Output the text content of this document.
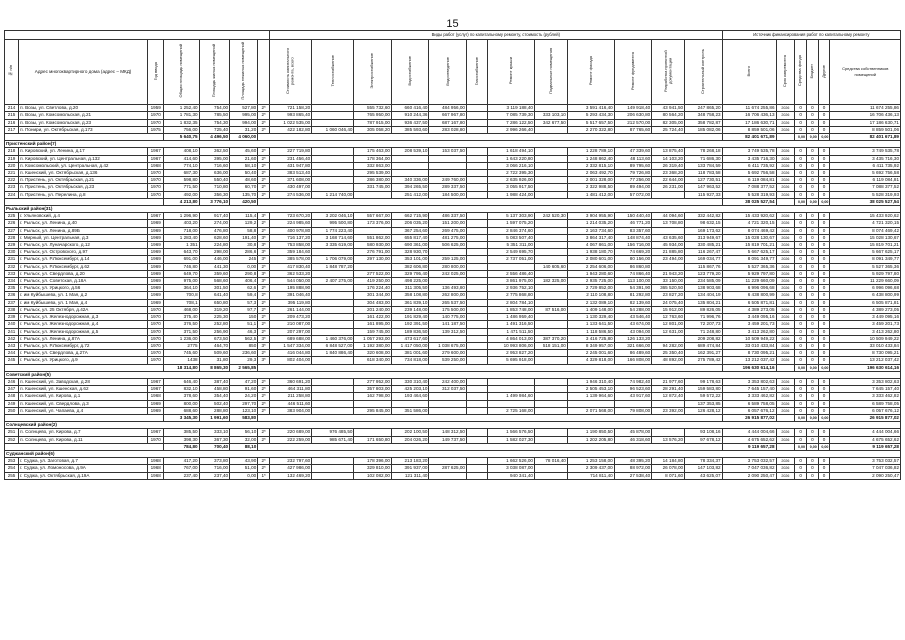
15
							Виды работ (услуг) по капитальному ремонту, стоимость (рублей)												Источник финансирования работ по капитальному ремонту					
№ п/п	Адрес многоквартирного дома (адрес – МКД)	Год ввода	Общая площадь помещений	Площадь жилых помещений	Площадь нежилых помещений		Стоимость капитального ремонта, всего	Теплоснабжение	Электроснабжение	Водоснабжение	Водоотведение	Газоснабжение	Ремонт крыши	Подвальные помещения	Ремонт фасада	Ремонт фундамента	Разработка проектной документации	Строительный контроль	Всего	Срок капремонта	Средства фонда	Бюджет	Другие	Средства собственников помещений
214	п. Возы, ул. Светлова, д.20	1959	1 252,40	754,00	527,80	2*	721 158,20		555 732,60	660 416,40	484 956,00		3 119 188,40		3 591 416,40	149 918,40	43 941,50	247 865,20	11 674 255,86	2026	0	0	0	11 674 255,86
215	п. Возы, ул. Комсомольская, д.21	1970	1 781,30	785,50	995,00	2*	993 865,40		765 950,00	910 244,36	667 967,80		7 085 739,30	333 103,10	5 293 434,30	206 630,80	80 564,20	348 758,23	16 706 436,13	2026	0	0	0	16 706 436,13
216	п. Возы, ул. Комсомольская, д.23	1970	1 832,35	754,30	994,00	2*	1 022 535,00		787 915,00	936 437,50	687 167,80		7 286 122,50	342 677,50	5 517 657,50	212 570,00	82 305,00	358 782,87	17 186 630,71	2026	0	0	0	17 186 630,71
217	п. Понири, ул. Октябрьская, д.173	1975	756,00	725,40	31,20	2*	422 182,80	1 060 046,40	305 058,20	385 593,60	283 028,80		2 996 266,40		2 270 322,80	87 765,60	25 724,40	185 082,06	8 859 501,06	2026	0	0	0	8 859 501,06
			5 640,75	4 496,50	4 060,00														82 401 671,89		0,00	0,00	0,00	82 401 671,89
Пристенский район(7)																								
218	п. Кировский, ул. Ленина, д.17	1967	408,10	362,50	45,60	2*	227 719,80		175 463,00	208 539,10	153 037,50		1 618 494,10		1 228 789,10	47 339,60	13 875,40	78 268,18	3 749 535,78	2026	0	0	0	3 749 535,78
219	п. Кировский, ул. Центральная, д.132	1967	414,60	395,00	21,60	2*	231 456,40		178 364,00				1 643 220,80		1 248 862,40	48 113,60	14 103,20	71 686,30	3 435 716,30	2026	0	0	0	3 435 716,30
220	п. Комсомольский, ул. Центральная, д.42	1968	774,10	716,60	58,10	2*	431 947,80		332 863,00				3 066 216,10		2 332 815,10	89 795,60	26 319,40	133 784,59	6 411 735,92	2026	0	0	0	6 411 735,92
221	п. Кшенский, ул. Октябрьская, д.136	1970	687,30	636,00	50,40	2*	383 513,40		295 539,00				2 722 395,30		2 063 492,70	79 726,80	23 368,20	118 783,58	5 692 756,58	2026	0	0	0	5 692 756,58
222	п. Пристень, ул. Октябрьская, д.21	1970	598,80	550,40	48,60	2*	371 608,00		286 380,00	340 336,00	249 760,00		2 635 926,00		2 001 328,00	77 256,00	22 644,00	127 730,51	6 119 084,81	2026	0	0	0	6 119 084,81
223	п. Пристень, ул. Октябрьская, д.23	1970	771,50	710,80	60,70	2*	430 497,00		331 745,00	394 265,50	289 337,50		3 055 917,50		2 322 988,50	89 494,00	26 231,00	147 963,52	7 088 377,52	2026	0	0	0	7 088 377,52
224	п. Пристень, ул. Перелина, д.8	1970	492,00	356,30	135,70	2*	274 536,00	1 214 740,00		251 412,00	184 500,00		1 988 424,00		1 481 412,00	57 072,00		115 927,33	5 528 319,93	2026	0	0	0	5 528 319,93
			4 213,80	3 776,10	420,50														38 025 527,54		0,00	0,00	0,00	38 025 527,54
Рыльский район(31)																								
225	г. Ульяновский, д.4	1967	1 296,90	917,40	115,4	3*	723 670,20	3 202 046,10	557 667,00	662 715,90	486 337,50		5 137 303,90	242 520,30	3 904 955,90	150 440,40	44 094,60	332 442,82	15 433 920,62	2026	0	0	0	15 433 920,62
226	г. Рыльск, ул. Ленина, д.40	1969	403,20	274,00	129,2	2*	224 985,60	995 500,80	173 376,00	206 035,20	151 200,00		1 597 075,20		1 214 035,20	46 771,20	13 708,80	98 632,15	4 721 320,15	2026	0	0	0	4 721 320,15
227	г. Рыльск, ул. Ленина, д.89Б	1969	718,00	476,80	58,8	2*	400 978,80	1 774 223,40		367 254,60	269 475,00		2 846 374,60		2 163 734,60	83 357,60		169 173,62	8 074 469,42	2026	0	0	0	8 074 469,42
228	г. Мирный, ул. Центральная, д.3	1969	1 283,40	628,60	191,40	3*	716 137,20	3 168 714,60	551 862,00	655 817,40	481 275,00		5 083 507,40		3 864 317,40	148 874,40	43 635,60	313 949,67	15 028 130,67	2026	0	0	0	15 028 130,67
229	г. Рыльск, ул. Луначарского, д.12	1969	1 351	224,80	30,8	3*	753 858,00	3 335 619,00	580 930,00	690 361,00	506 625,00		5 351 311,00		4 067 861,00	156 716,00	45 934,00	330 485,21	15 819 701,21	2026	0	0	0	15 819 701,21
230	г. Рыльск, ул. Островского, д.97	1969	643,70	298,00	286,6	3*	359 184,60		276 791,00	328 930,70			2 549 695,70		1 938 180,70	74 669,20	21 885,80	116 267,47	5 667 625,17	2026	0	0	0	5 667 625,17
231	г. Рыльск, ул. Р.Люксембург, д.14	1969	691,00	446,00	245	3*	385 578,00	1 706 079,00	297 130,00	353 101,00	259 125,00		2 737 051,00		2 080 601,00	80 156,00	23 494,00	169 034,77	8 091 349,77	2026	0	0	0	8 091 349,77
232	г. Рыльск, ул. Р.Люксембург, д.62	1969	746,80	441,30	0,00	2*	417 830,40	1 848 787,20		382 606,80	280 800,00			140 605,60	2 254 606,00	86 860,80		115 867,76	5 527 365,36	2026	0	0	0	5 527 365,36
233	г. Рыльск, ул. Свердлова, д.20	1969	649,70	359,60	290,8	3*	362 533,20		277 522,00	329 795,40	242 025,00		2 556 486,40		1 943 280,60	74 866,40	21 943,20	123 779,20	5 929 797,80	2026	0	0	0	5 929 797,80
234	г. Рыльск, ул. Советская, д.18А	1969	975,00	568,60	406,4	3*	544 050,00	2 407 275,00	419 250,00	498 225,00			3 861 975,00	182 325,00	2 935 725,00	113 100,00	33 150,00	234 585,09	11 229 660,09	2026	0	0	0	11 229 660,09
235	г. Рыльск, ул. Урицкого, д.56	1969	364,10	301,50	62,6	2*	195 888,90		176 224,40	311 305,50	136 493,80		2 936 752,10		2 729 852,00	54 391,90	365 520,50	138 903,68	6 996 096,68	2026	0	0	0	6 996 096,68
236	г. им Куйбышева, ул. 1 Мая, д.2	1969	700,8	641,40	59,4	2*	391 046,40		301 344,00	358 108,80	262 800,00		2 775 868,80		2 110 108,80	81 292,80	23 827,20	134 404,19	6 438 800,99	2026	0	0	0	6 438 800,99
237	г. им Куйбышева, ул. 1 Мая, д.4	1969	708,1	650,80	57,3	2*	395 119,80		304 483,00	361 839,10	265 537,50		2 804 784,10		2 132 089,10	82 139,60	24 075,40	135 804,21	6 505 871,81	2026	0	0	0	6 505 871,81
238	г. Рыльск, ул. 25 Октября, д.42А	1970	468,00	319,20	97,7	2*	261 144,00		201 240,00	239 148,00	175 500,00		1 853 748,00	87 516,00	1 409 148,00	54 288,00	15 912,00	89 826,05	4 389 273,05	2026	0	0	0	4 389 273,05
239	г. Рыльск, ул. Железнодорожная, д.3	1970	375,40	225,30	150	2*	209 473,20		161 422,00	191 829,40	140 775,00		1 486 959,40		1 130 329,40	43 546,40	12 763,60	71 996,76	3 449 095,16	2026	0	0	0	3 449 095,16
240	г. Рыльск, ул. Железнодорожная, д.4	1970	376,50	252,80	51,1	2*	210 087,00		161 895,00	192 391,50	141 187,50		1 491 316,50		1 133 641,50	43 674,00	12 801,00	72 207,73	3 459 201,73	2026	0	0	0	3 459 201,73
241	г. Рыльск, ул. Железнодорожная, д.5	1970	371,50	256,90	46,3	2*	207 297,00		159 745,00	189 836,50	139 312,50		1 471 511,50		1 118 586,50	43 094,00	12 631,00	71 248,80	3 413 262,80	2026	0	0	0	3 413 262,80
242	г. Рыльск, ул. Ленина, д.87А	1970	1 236,00	673,50	562,5	3*	689 688,00	1 460 376,00	1 057 293,00	473 617,60			4 864 013,00	387 370,20	3 416 725,80	126 133,20		209 208,82	10 509 949,22	2026	0	0	0	10 509 949,22
243	г. Рыльск, ул. Р.Люксембург, д.72	1970	2775	464,70	850	3*	1 547 334,00	6 848 527,00	1 192 380,00	1 417 050,00	1 038 675,00		10 993 806,00	518 151,00	8 349 957,00	321 666,00	94 282,00	689 474,84	33 010 433,84	2026	0	0	0	33 010 433,84
244	г. Рыльск, ул. Свердлова, д.27А	1970	745,60	509,60	236,60	2*	416 044,80	1 840 886,40	320 608,00	381 001,60	279 600,00		2 953 827,20		2 245 001,60	86 489,60	25 350,40	162 391,27	8 730 095,21	2026	0	0	0	8 730 095,21
245	г. Рыльск, ул. Урицкого, д.9	1970	1438	31,80	29,3	3*	802 404,00		618 340,00	734 818,00	539 250,00		5 695 918,00		4 329 818,00	166 808,00	48 892,00	275 789,42	13 212 037,42	2026	0	0	0	13 212 037,42
			18 314,80	8 865,30	2 565,85														196 630 614,16		0,00	0,00	0,00	196 630 614,16
Советский район(5)																								
246	п. Кшенский, ул. Заводская, д.28	1967	646,40	387,40	47,20	2*	360 691,20		277 952,00	330 310,40	242 400,00				1 946 310,40	74 982,40	21 977,60	99 178,63	3 353 802,63	2026	0	0	0	3 353 802,63
247	п. Кшенский, ул. Кшенская, д.62	1967	832,10	458,80	91,60	2*	464 311,80		357 803,00	425 203,10	312 037,50				2 505 453,10	96 523,60	28 291,40	159 583,80	7 645 157,40	2026	0	0	0	7 645 157,40
248	п. Кшенский, ул. Кирова, д.1	1968	378,60	354,40	24,20	2*	211 258,80		162 798,00	193 464,60			1 499 984,60		1 139 964,60	43 917,60	12 872,40	59 572,22	3 333 462,82	2026	0	0	0	3 333 462,82
249	п. Кшенский, ул. Свердлова, д.3	1969	800,00	502,40	297,70	2*	446 511,60											137 353,85	6 589 758,05	2026	0	0	0	6 589 758,05
250	п. Кшенский, ул. Чапаева, д.4	1969	688,60	288,80	123,10	2*	383 904,00		295 845,00	351 586,00			2 725 168,00		2 071 568,00	79 808,00	23 392,00	126 428,12	6 057 676,12	2026	0	0	0	6 057 676,12
			3 345,30	1 991,60	583,80														26 915 877,02		0,00	0,00	0,00	26 915 877,02
Солнцевский район(2)																								
251	п. Солнцево, ул. Кирова, д.7	1967	385,50	333,10	56,10	2*	220 689,00	976 485,50		202 100,50	148 312,50		1 566 576,50		1 190 850,50	45 878,00		93 108,16	4 444 004,66	2026	0	0	0	4 444 004,66
252	п. Солнцево, ул. Кирова, д.11	1970	398,30	367,30	32,00	2*	222 259,00	985 671,40	171 650,80	204 026,20	149 737,50		1 582 027,30		1 202 205,80	46 318,60	13 576,20	97 678,12	4 675 652,62	2026	0	0	0	4 675 652,62
			784,80	700,40	88,10														9 119 657,28		0,00	0,00	0,00	9 119 657,28
Суджанский район(6)																								
253	г. Суджа, ул. Заготовая, д.7	1968	417,20	373,80	43,90	2*	232 797,60		178 396,00	213 183,20			1 662 526,00	78 016,40	1 253 158,00	48 395,20	14 184,80	78 334,37	3 753 032,57	2026	0	0	0	3 753 032,57
254	г. Суджа, ул. Ломоносова, д.9А	1968	767,00	716,00	51,00	2*	427 986,00		329 810,00	391 937,00	287 625,00		3 038 087,00		2 309 437,00	88 972,00	26 078,00	147 103,82	7 047 036,82	2026	0	0	0	7 047 036,82
255	г. Суджа, ул. Октябрьская, д.19А	1968	237,40	237,40	0,00	1*	132 469,20		102 082,00	121 311,40			940 341,40		714 811,40	27 538,40	8 071,60	43 625,07	2 090 250,47	2026	0	0	0	2 090 250,47
